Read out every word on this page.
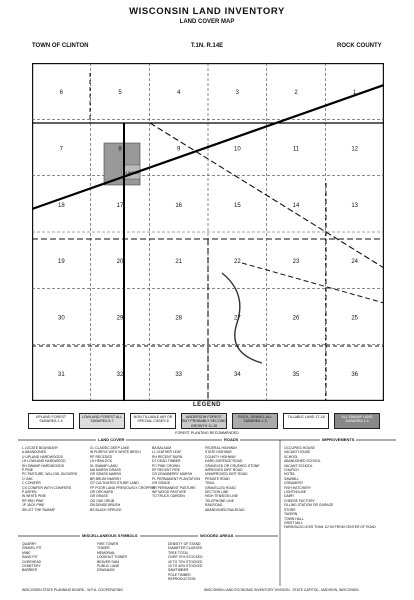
WISCONSIN LAND INVENTORY
LAND COVER MAP
TOWN OF CLINTON	T.1N. R.14E	ROCK COUNTY
6	5	4	3	2	1
7	8	9	10	11	12
18	17	16	15	14	13
19	20	21	22	23	24
30	29	28	27	26	25
31	32	33	34	35	36
CLINTON
LEGEND
UPLAND FOREST SUBAREA 1-4
LOWLAND FOREST ALL SUBAREA 5-7
NON-TILLABLE AIR OR SPECIAL CASES 8
ANDERSON FOREST BUT PROBABLY SECOND GROWTH 11-16
ROCK, GRAVEL ALL SUBAREA 1-3
TILLABLE LAND 17-18	ALL SWAMP LAND SUBAREA 1-4
FOREST PLANTING RECOMMENDED
LAND COVER	ROADS	IMPROVEMENTS
MISCELLANEOUS SYMBOLS	WOODED AREAS
L LOCATE BOUNDARY
A ABANDONED
U UPLAND HARDWOODS
LH LOWLAND HARDWOOD
SH SWAMP HARDWOODS
P PINE
PC PASTURE, WILLOW, SUCKERS
O OAK
C CONIFER
CS CONIFER WITH CONIFERS
P ASPEN
W WHITE PINE
RP RED PINE
JP JACK PINE
SB LET THE SWAMP
CL CLASSIC DEEP LAKE
W PURPLE WITH WHITE BIRCH
RF RECEDED
LH HEMLOCK
SL SWAMP LAND
MA MARSH GRASS
GR GRASS MARSH
BR BRUSH MARSH
CP CULTIVATED STUMP LAND
FP POOR LAND PREVIOUSLY CROPPED
OR ORCHARD
GR GRASS
OG OAK GRUB
DB DENSE BRUSH
BS BLACK SPRUCE
BA BALSAM
LL LEATHER LEAF
RH RECENT BURN
DT DEAD TIMBER
PC PINE CROWN
RF RECENT FIRE
CR CRANBERRY MARSH
PL PERMANENT PLANTATION
GR GRADE
PR PERMANENT PASTURE
WP WOOD PASTURE
TG TRUCK GARDEN
FEDERAL HIGHWAY
STATE HIGHWAY
COUNTY HIGHWAY
HARD SURFACE ROAD
GRAVELED OR CRUSHED STONE
IMPROVED DIRT ROAD
UNIMPROVED DIRT ROAD
PRIVATE ROAD
TRAIL
GRAVELLED ROAD
SECTION LINE
HIGH TENSION LINE
TELEPHONE LINE
RAILROAD
ABANDONED RAILROAD
OCCUPIED HOUSE
VACANT HOUSE
SCHOOL
ABANDONED SCHOOL
VACANT SCHOOL
CHURCH
HOTEL
SAWMILL
CREAMERY
FISH HATCHERY
LIGHTHOUSE
DAIRY
CHEESE FACTORY
FILLING STATION OR GARAGE
STORE
TAVERN
TOWN HALL
GRIST MILL
FARM BLDG LESS THAN 1/2 MI FROM CENTER OF ROAD
QUARRY
GRAVEL PIT
MINE
SAND PIT
OVERHEAD
CEMETERY
BARRIER
FIRE TOWER
TOWER
MEMORIAL
LOOKOUT TOWER
BEAVER DAM
PUBLIC LAND
DRAINAGE
DENSITY OF STAND
DIAMETER CLASSES
TREE TOTAL
OVER 70% STOCKED
40 TO 70% STOCKED
10 TO 40% STOCKED
SAWTIMBER
POLE TIMBER
REPRODUCTION
WISCONSIN STATE PLANNING BOARD - W.P.A. COOPERATING	WISCONSIN LAND ECONOMIC INVENTORY DIVISION - STATE CAPITOL - MADISON, WISCONSIN
